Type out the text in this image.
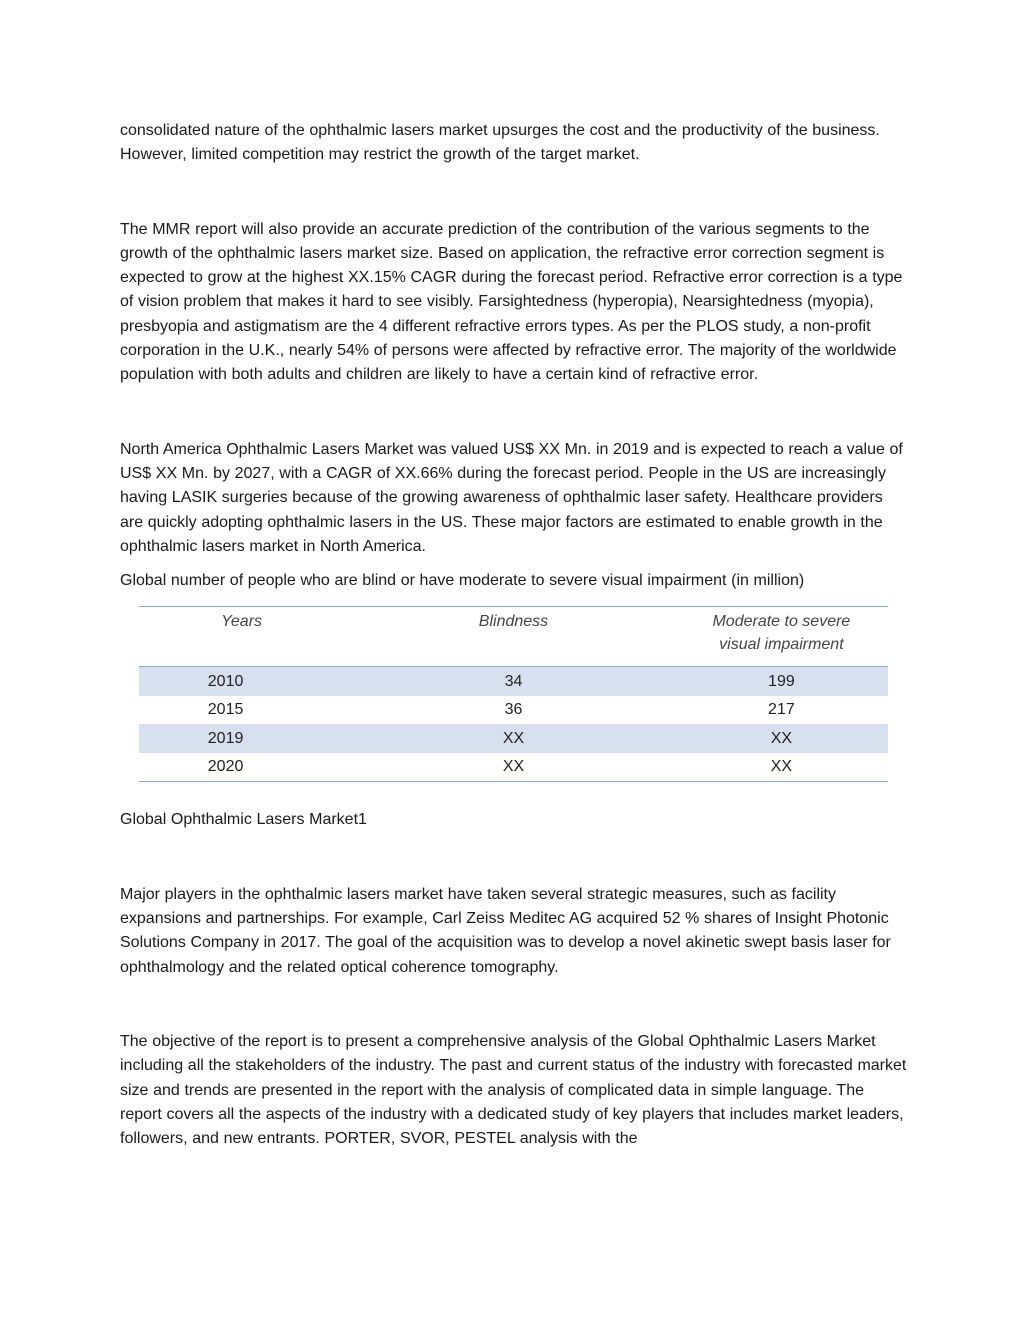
consolidated nature of the ophthalmic lasers market upsurges the cost and the productivity of the business. However, limited competition may restrict the growth of the target market.

The MMR report will also provide an accurate prediction of the contribution of the various segments to the growth of the ophthalmic lasers market size. Based on application, the refractive error correction segment is expected to grow at the highest XX.15% CAGR during the forecast period. Refractive error correction is a type of vision problem that makes it hard to see visibly. Farsightedness (hyperopia), Nearsightedness (myopia), presbyopia and astigmatism are the 4 different refractive errors types. As per the PLOS study, a non-profit corporation in the U.K., nearly 54% of persons were affected by refractive error. The majority of the worldwide population with both adults and children are likely to have a certain kind of refractive error.

North America Ophthalmic Lasers Market was valued US$ XX Mn. in 2019 and is expected to reach a value of US$ XX Mn. by 2027, with a CAGR of XX.66% during the forecast period. People in the US are increasingly having LASIK surgeries because of the growing awareness of ophthalmic laser safety. Healthcare providers are quickly adopting ophthalmic lasers in the US. These major factors are estimated to enable growth in the ophthalmic lasers market in North America.

Global number of people who are blind or have moderate to severe visual impairment (in million)

Years	Blindness	Moderate to severe
visual impairment
2010	34	199
2015	36	217
2019	XX	XX
2020	XX	XX

Global Ophthalmic Lasers Market1

Major players in the ophthalmic lasers market have taken several strategic measures, such as facility expansions and partnerships. For example, Carl Zeiss Meditec AG acquired 52 % shares of Insight Photonic Solutions Company in 2017. The goal of the acquisition was to develop a novel akinetic swept basis laser for ophthalmology and the related optical coherence tomography.

The objective of the report is to present a comprehensive analysis of the Global Ophthalmic Lasers Market including all the stakeholders of the industry. The past and current status of the industry with forecasted market size and trends are presented in the report with the analysis of complicated data in simple language. The report covers all the aspects of the industry with a dedicated study of key players that includes market leaders, followers, and new entrants. PORTER, SVOR, PESTEL analysis with the
